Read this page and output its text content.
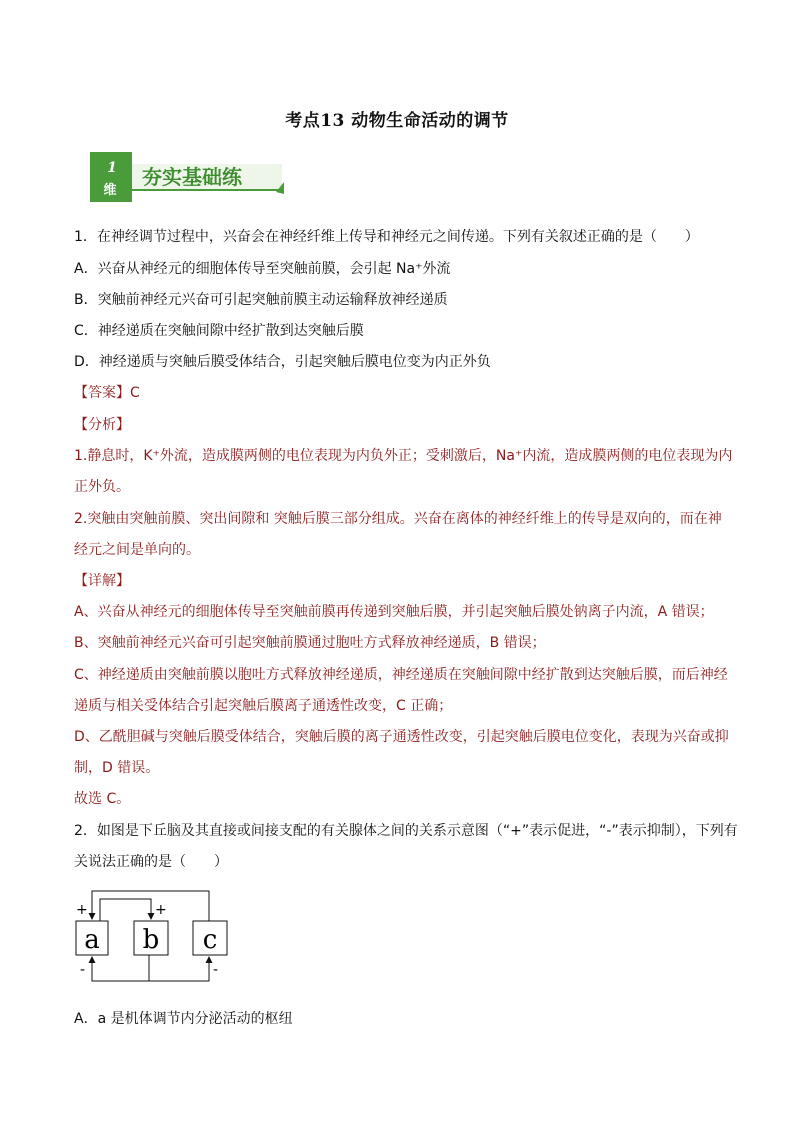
考点13 动物生命活动的调节
1
维
夯实基础练
1．在神经调节过程中，兴奋会在神经纤维上传导和神经元之间传递。下列有关叙述正确的是（　　）
A．兴奋从神经元的细胞体传导至突触前膜，会引起 Na⁺外流
B．突触前神经元兴奋可引起突触前膜主动运输释放神经递质
C．神经递质在突触间隙中经扩散到达突触后膜
D．神经递质与突触后膜受体结合，引起突触后膜电位变为内正外负
【答案】C
【分析】
1.静息时，K⁺外流，造成膜两侧的电位表现为内负外正；受刺激后，Na⁺内流，造成膜两侧的电位表现为内
正外负。
2.突触由突触前膜、突出间隙和 突触后膜三部分组成。兴奋在离体的神经纤维上的传导是双向的，而在神
经元之间是单向的。
【详解】
A、兴奋从神经元的细胞体传导至突触前膜再传递到突触后膜，并引起突触后膜处钠离子内流，A 错误；
B、突触前神经元兴奋可引起突触前膜通过胞吐方式释放神经递质，B 错误；
C、神经递质由突触前膜以胞吐方式释放神经递质，神经递质在突触间隙中经扩散到达突触后膜，而后神经
递质与相关受体结合引起突触后膜离子通透性改变，C 正确；
D、乙酰胆碱与突触后膜受体结合，突触后膜的离子通透性改变，引起突触后膜电位变化，表现为兴奋或抑
制，D 错误。
故选 C。
2．如图是下丘脑及其直接或间接支配的有关腺体之间的关系示意图（“+”表示促进，“-”表示抑制），下列有
关说法正确的是（　　）
a b c
+	+
-	-
A．a 是机体调节内分泌活动的枢纽
